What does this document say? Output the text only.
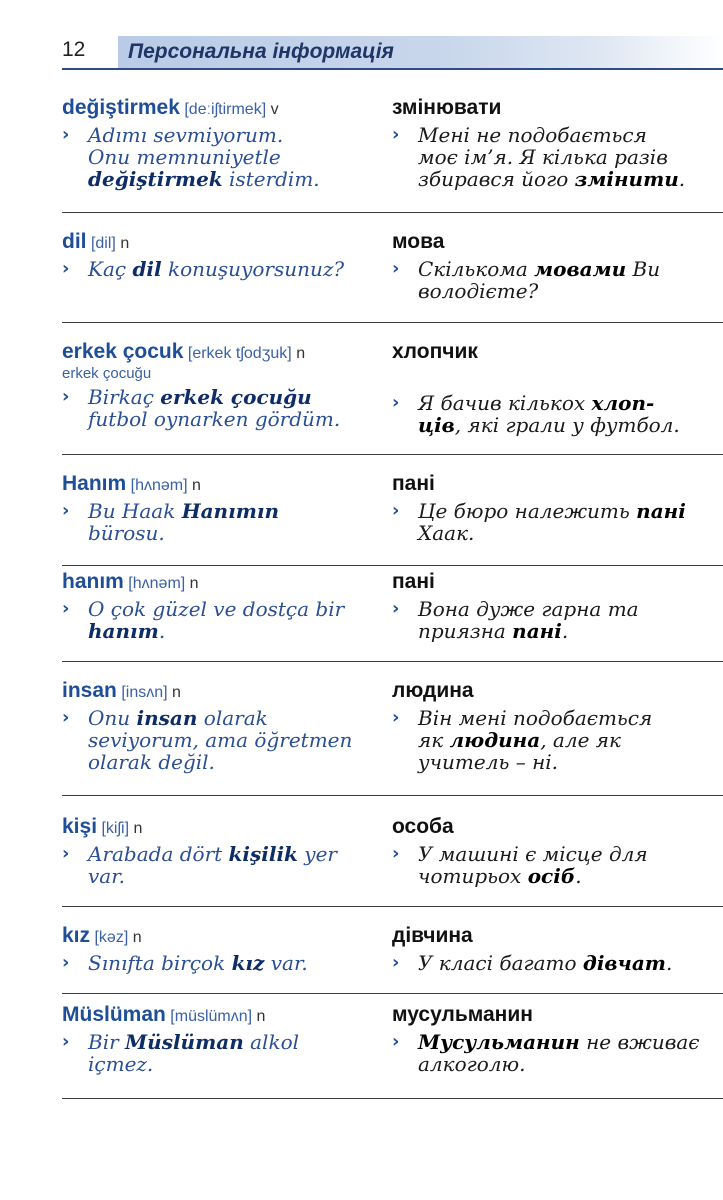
12 Персональна інформація
değiştirmek [deːiʃtirmek] v
› Adımı sevmiyorum.
Onu memnuniyetle
değiştirmek isterdim.
змінювати
› Мені не подобається
моє ім’я. Я кілька разів
збирався його змінити.
dil [dil] n
› Kaç dil konuşuyorsunuz?
мова
› Скількома мовами Ви
володієте?
erkek çocuk [erkek tʃodʒuk] n
erkek çocuğu
› Birkaç erkek çocuğu
futbol oynarken gördüm.
хлопчик
› Я бачив кількох хлоп-
ців, які грали у футбол.
Hanım [hʌnəm] n
› Bu Haak Hanımın
bürosu.
пані
› Це бюро належить пані
Хаак.
hanım [hʌnəm] n
› O çok güzel ve dostça bir
hanım.
пані
› Вона дуже гарна та
приязна пані.
insan [insʌn] n
› Onu insan olarak
seviyorum, ama öğretmen
olarak değil.
людина
› Він мені подобається
як людина, але як
учитель – ні.
kişi [kiʃi] n
› Arabada dört kişilik yer
var.
особа
› У машині є місце для
чотирьох осіб.
kız [kəz] n
› Sınıfta birçok kız var.
дівчина
› У класі багато дівчат.
Müslüman [müslümʌn] n
› Bir Müslüman alkol
içmez.
мусульманин
› Мусульманин не вживає
алкоголю.
